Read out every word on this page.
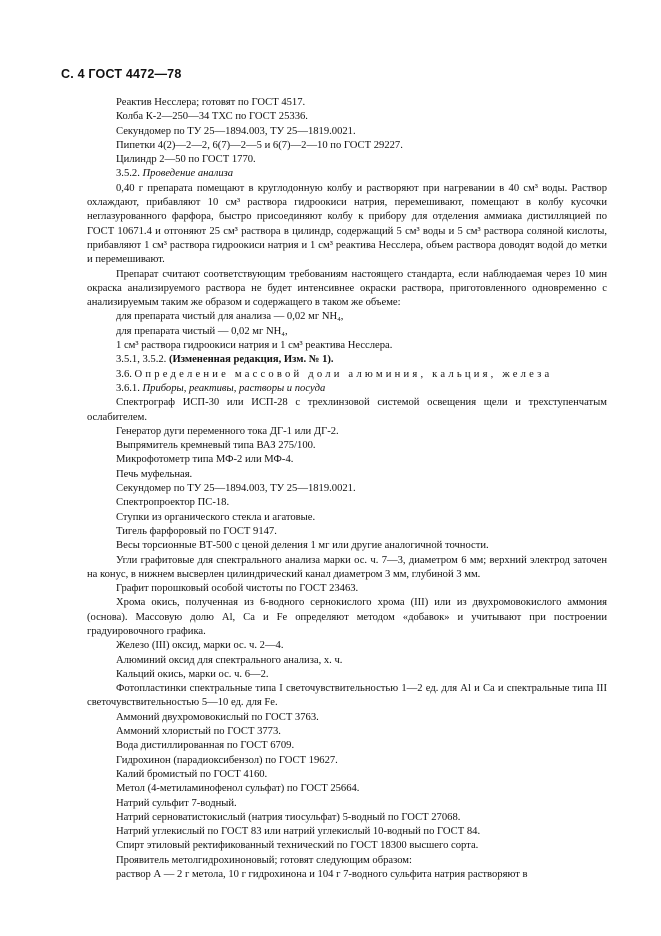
С. 4 ГОСТ 4472—78

Реактив Несслера; готовят по ГОСТ 4517.

Колба К-2—250—34 ТХС по ГОСТ 25336.

Секундомер по ТУ 25—1894.003, ТУ 25—1819.0021.

Пипетки 4(2)—2—2, 6(7)—2—5 и 6(7)—2—10 по ГОСТ 29227.

Цилиндр 2—50 по ГОСТ 1770.

3.5.2. Проведение анализа

0,40 г препарата помещают в круглодонную колбу и растворяют при нагревании в 40 см³ воды. Раствор охлаждают, прибавляют 10 см³ раствора гидроокиси натрия, перемешивают, помещают в колбу кусочки неглазурованного фарфора, быстро присоединяют колбу к прибору для отделения аммиака дистилляцией по ГОСТ 10671.4 и отгоняют 25 см³ раствора в цилиндр, содержащий 5 см³ воды и 5 см³ раствора соляной кислоты, прибавляют 1 см³ раствора гидроокиси натрия и 1 см³ реактива Несслера, объем раствора доводят водой до метки и перемешивают.

Препарат считают соответствующим требованиям настоящего стандарта, если наблюдаемая через 10 мин окраска анализируемого раствора не будет интенсивнее окраски раствора, приготовленного одновременно с анализируемым таким же образом и содержащего в таком же объеме:

для препарата чистый для анализа — 0,02 мг NH₄,

для препарата чистый — 0,02 мг NH₄,

1 см³ раствора гидроокиси натрия и 1 см³ реактива Несслера.

3.5.1, 3.5.2. (Измененная редакция, Изм. № 1).

3.6. Определение массовой доли алюминия, кальция, железа

3.6.1. Приборы, реактивы, растворы и посуда

Спектрограф ИСП-30 или ИСП-28 с трехлинзовой системой освещения щели и трехступенчатым ослабителем.

Генератор дуги переменного тока ДГ-1 или ДГ-2.

Выпрямитель кремневый типа ВАЗ 275/100.

Микрофотометр типа МФ-2 или МФ-4.

Печь муфельная.

Секундомер по ТУ 25—1894.003, ТУ 25—1819.0021.

Спектропроектор ПС-18.

Ступки из органического стекла и агатовые.

Тигель фарфоровый по ГОСТ 9147.

Весы торсионные ВТ-500 с ценой деления 1 мг или другие аналогичной точности.

Угли графитовые для спектрального анализа марки ос. ч. 7—3, диаметром 6 мм; верхний электрод заточен на конус, в нижнем высверлен цилиндрический канал диаметром 3 мм, глубиной 3 мм.

Графит порошковый особой чистоты по ГОСТ 23463.

Хрома окись, полученная из 6-водного сернокислого хрома (III) или из двухромовокислого аммония (основа). Массовую долю Al, Ca и Fe определяют методом «добавок» и учитывают при построении градуировочного графика.

Железо (III) оксид, марки ос. ч. 2—4.

Алюминий оксид для спектрального анализа, х. ч.

Кальций окись, марки ос. ч. 6—2.

Фотопластинки спектральные типа I светочувствительностью 1—2 ед. для Al и Ca и спектральные типа III светочувствительностью 5—10 ед. для Fe.

Аммоний двухромовокислый по ГОСТ 3763.

Аммоний хлористый по ГОСТ 3773.

Вода дистиллированная по ГОСТ 6709.

Гидрохинон (парадиоксибензол) по ГОСТ 19627.

Калий бромистый по ГОСТ 4160.

Метол (4-метиламинофенол сульфат) по ГОСТ 25664.

Натрий сульфит 7-водный.

Натрий серноватистокислый (натрия тиосульфат) 5-водный по ГОСТ 27068.

Натрий углекислый по ГОСТ 83 или натрий углекислый 10-водный по ГОСТ 84.

Спирт этиловый ректификованный технический по ГОСТ 18300 высшего сорта.

Проявитель метолгидрохиноновый; готовят следующим образом:

раствор А — 2 г метола, 10 г гидрохинона и 104 г 7-водного сульфита натрия растворяют в
